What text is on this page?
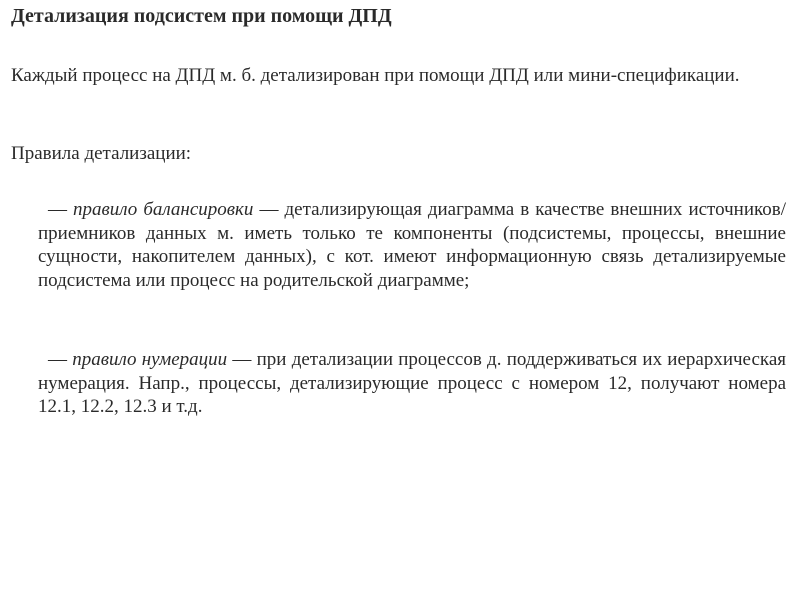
Детализация подсистем при помощи ДПД

Каждый процесс на ДПД м. б. детализирован при помощи ДПД или мини-спецификации.

Правила детализации:

— правило балансировки — детализирующая диаграмма в качестве внешних источников/приемников данных м. иметь только те компоненты (подсистемы, процессы, внешние сущности, накопителем данных), с кот. имеют информационную связь детализируемые подсистема или процесс на родительской диаграмме;

— правило нумерации — при детализации процессов д. поддерживаться их иерархическая нумерация. Напр., процессы, детализирующие процесс с номером 12, получают номера 12.1, 12.2, 12.3 и т.д.
